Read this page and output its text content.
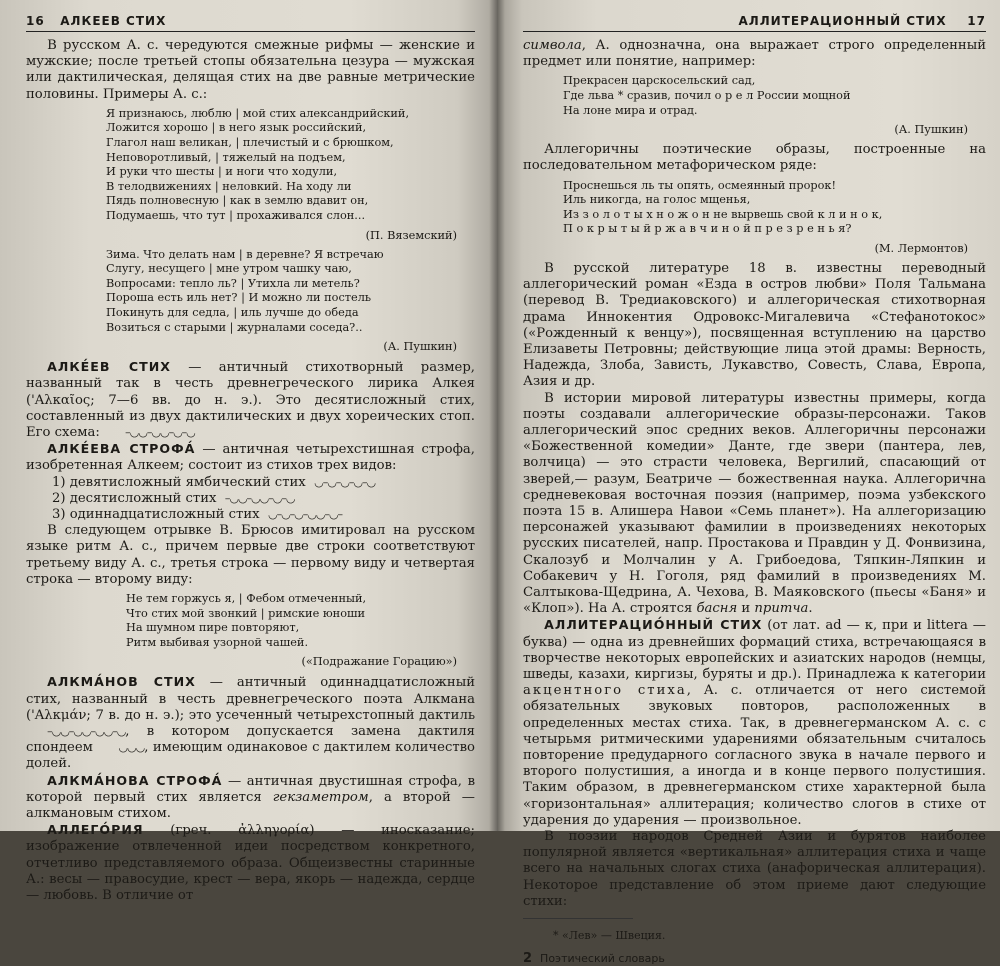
16 АЛКЕЕВ СТИХ

В русском А. с. чередуются смежные рифмы — женские и мужские; после третьей стопы обязательна цезура — мужская или дактилическая, делящая стих на две равные метрические половины. Примеры А. с.:

Я признаюсь, люблю | мой стих александрийский,
Ложится хорошо | в него язык российский,
Глагол наш великан, | плечистый и с брюшком,
Неповоротливый, | тяжелый на подъем,
И руки что шесты | и ноги что ходули,
В телодвижениях | неловкий. На ходу ли
Пядь полновесную | как в землю вдавит он,
Подумаешь, что тут | прохаживался слон...
(П. Вяземский)
Зима. Что делать нам | в деревне? Я встречаю
Слугу, несущего | мне утром чашку чаю,
Вопросами: тепло ль? | Утихла ли метель?
Пороша есть иль нет? | И можно ли постель
Покинуть для седла, | иль лучше до обеда
Возиться с старыми | журналами соседа?..
(А. Пушкин)

АЛКЕ́ЕВ СТИХ — античный стихотворный размер, названный так в честь древнегреческого лирика Алкея ('Αλκαῖος; 7—6 вв. до н. э.). Это десятисложный стих, составленный из двух дактилических и двух хореических стоп. Его схема: –◡◡–◡◡–◡–◡

АЛКЕ́ЕВА СТРОФА́ — античная четырехстишная строфа, изобретенная Алкеем; состоит из стихов трех видов:

1) девятисложный ямбический стих ◡–◡–◡–◡–◡
2) десятисложный стих –◡◡–◡◡–◡–◡
3) одиннадцатисложный стих ◡–◡–◡–◡◡–◡–

В следующем отрывке В. Брюсов имитировал на русском языке ритм А. с., причем первые две строки соответствуют третьему виду А. с., третья строка — первому виду и четвертая строка — второму виду:

Не тем горжусь я, | Фебом отмеченный,
Что стих мой звонкий | римские юноши
На шумном пире повторяют,
Ритм выбивая узорной чашей.
(«Подражание Горацию»)

АЛКМА́НОВ СТИХ — античный одиннадцатисложный стих, названный в честь древнегреческого поэта Алкмана ('Αλκμάν; 7 в. до н. э.); это усеченный четырехстопный дактиль –◡◡–◡◡–◡◡–◡, в котором допускается замена дактиля спондеем ◡◡◡, имеющим одинаковое с дактилем количество долей.

АЛКМА́НОВА СТРОФА́ — античная двустишная строфа, в которой первый стих является гекзаметром, а второй — алкмановым стихом.

АЛЛЕГО́РИЯ (греч. ἀλληγορία) — иносказание; изображение отвлеченной идеи посредством конкретного, отчетливо представляемого образа. Общеизвестны старинные А.: весы — правосудие, крест — вера, якорь — надежда, сердце — любовь. В отличие от

АЛЛИТЕРАЦИОННЫЙ СТИХ 17

символа, А. однозначна, она выражает строго определенный предмет или понятие, например:

Прекрасен царскосельский сад,
Где льва * сразив, почил о р е л России мощной
На лоне мира и отрад.
(А. Пушкин)

Аллегоричны поэтические образы, построенные на последовательном метафорическом ряде:

Проснешься ль ты опять, осмеянный пророк!
Иль никогда, на голос мщенья,
Из з о л о т ы х н о ж о н не вырвешь свой к л и н о к,
П о к р ы т ы й р ж а в ч и н о й п р е з р е н ь я?
(М. Лермонтов)

В русской литературе 18 в. известны переводный аллегорический роман «Езда в остров любви» Поля Тальмана (перевод В. Тредиаковского) и аллегорическая стихотворная драма Иннокентия Одровокс-Мигалевича «Стефанотокос» («Рожденный к венцу»), посвященная вступлению на царство Елизаветы Петровны; действующие лица этой драмы: Верность, Надежда, Злоба, Зависть, Лукавство, Совесть, Слава, Европа, Азия и др.

В истории мировой литературы известны примеры, когда поэты создавали аллегорические образы-персонажи. Таков аллегорический эпос средних веков. Аллегоричны персонажи «Божественной комедии» Данте, где звери (пантера, лев, волчица) — это страсти человека, Вергилий, спасающий от зверей,— разум, Беатриче — божественная наука. Аллегорична средневековая восточная поэзия (например, поэма узбекского поэта 15 в. Алишера Навои «Семь планет»). На аллегоризацию персонажей указывают фамилии в произведениях некоторых русских писателей, напр. Простакова и Правдин у Д. Фонвизина, Скалозуб и Молчалин у А. Грибоедова, Тяпкин-Ляпкин и Собакевич у Н. Гоголя, ряд фамилий в произведениях М. Салтыкова-Щедрина, А. Чехова, В. Маяковского (пьесы «Баня» и «Клоп»). На А. строятся басня и притча.

АЛЛИТЕРАЦИО́ННЫЙ СТИХ (от лат. ad — к, при и littera — буква) — одна из древнейших формаций стиха, встречающаяся в творчестве некоторых европейских и азиатских народов (немцы, шведы, казахи, киргизы, буряты и др.). Принадлежа к категории акцентного стиха, А. с. отличается от него системой обязательных звуковых повторов, расположенных в определенных местах стиха. Так, в древнегерманском А. с. с четырьмя ритмическими ударениями обязательным считалось повторение предударного согласного звука в начале первого и второго полустишия, а иногда и в конце первого полустишия. Таким образом, в древнегерманском стихе характерной была «горизонтальная» аллитерация; количество слогов в стихе от ударения до ударения — произвольное.

В поэзии народов Средней Азии и бурятов наиболее популярной является «вертикальная» аллитерация стиха и чаще всего на начальных слогах стиха (анафорическая аллитерация). Некоторое представление об этом приеме дают следующие стихи:

* «Лев» — Швеция.
2 Поэтический словарь
